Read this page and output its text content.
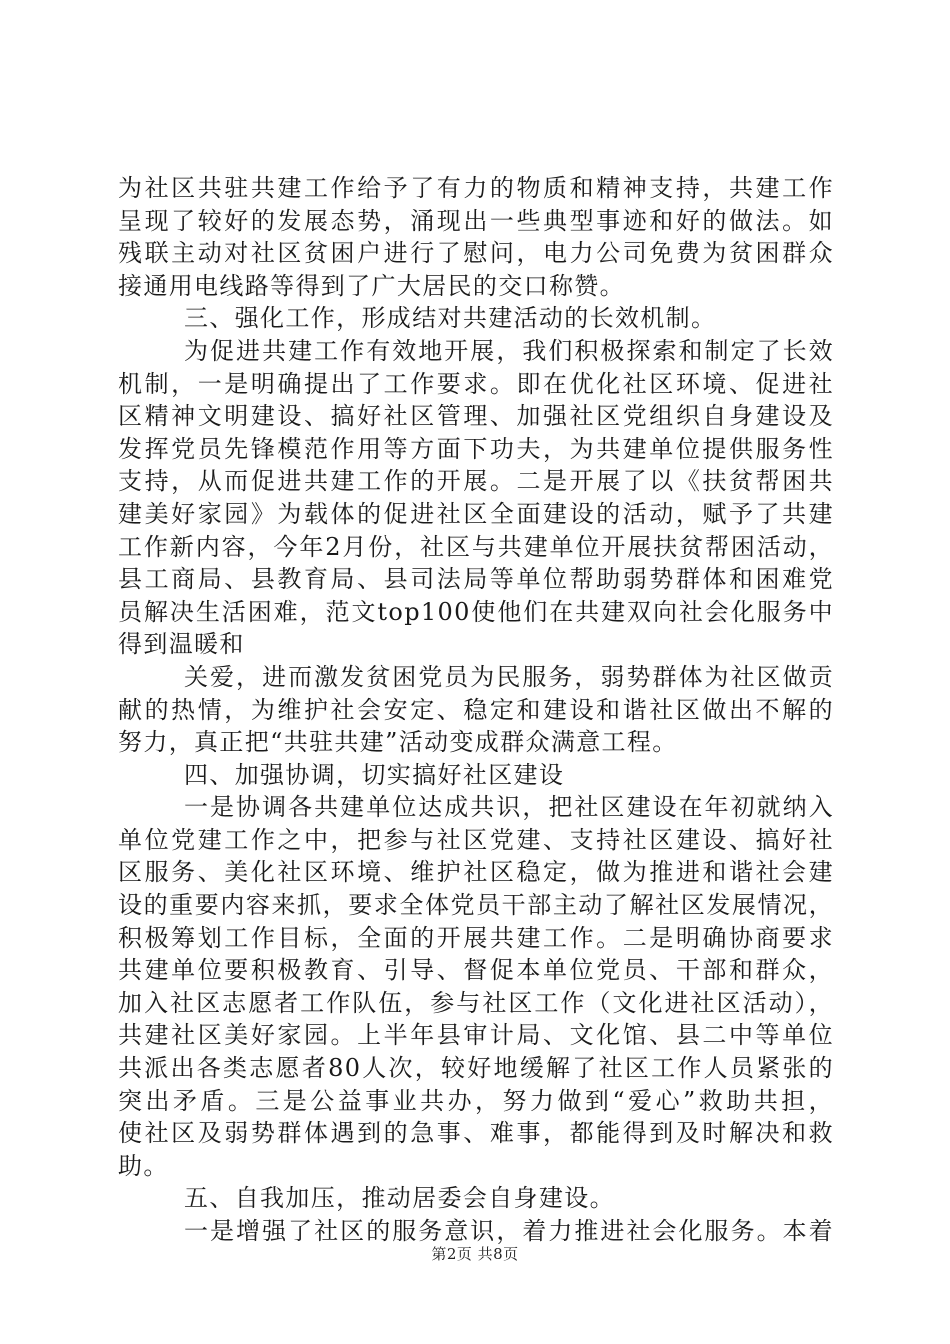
为社区共驻共建工作给予了有力的物质和精神支持，共建工作
呈现了较好的发展态势，涌现出一些典型事迹和好的做法。如
残联主动对社区贫困户进行了慰问，电力公司免费为贫困群众
接通用电线路等得到了广大居民的交口称赞。
三、强化工作，形成结对共建活动的长效机制。
为促进共建工作有效地开展，我们积极探索和制定了长效
机制，一是明确提出了工作要求。即在优化社区环境、促进社
区精神文明建设、搞好社区管理、加强社区党组织自身建设及
发挥党员先锋模范作用等方面下功夫，为共建单位提供服务性
支持，从而促进共建工作的开展。二是开展了以《扶贫帮困共
建美好家园》为载体的促进社区全面建设的活动，赋予了共建
工作新内容，今年2月份，社区与共建单位开展扶贫帮困活动，
县工商局、县教育局、县司法局等单位帮助弱势群体和困难党
员解决生活困难，范文top100使他们在共建双向社会化服务中
得到温暖和
关爱，进而激发贫困党员为民服务，弱势群体为社区做贡
献的热情，为维护社会安定、稳定和建设和谐社区做出不解的
努力，真正把“共驻共建”活动变成群众满意工程。
四、加强协调，切实搞好社区建设
一是协调各共建单位达成共识，把社区建设在年初就纳入
单位党建工作之中，把参与社区党建、支持社区建设、搞好社
区服务、美化社区环境、维护社区稳定，做为推进和谐社会建
设的重要内容来抓，要求全体党员干部主动了解社区发展情况，
积极筹划工作目标，全面的开展共建工作。二是明确协商要求
共建单位要积极教育、引导、督促本单位党员、干部和群众，
加入社区志愿者工作队伍，参与社区工作（文化进社区活动），
共建社区美好家园。上半年县审计局、文化馆、县二中等单位
共派出各类志愿者80人次，较好地缓解了社区工作人员紧张的
突出矛盾。三是公益事业共办，努力做到“爱心”救助共担，
使社区及弱势群体遇到的急事、难事，都能得到及时解决和救
助。
五、自我加压，推动居委会自身建设。
一是增强了社区的服务意识，着力推进社会化服务。本着
第2页 共8页
